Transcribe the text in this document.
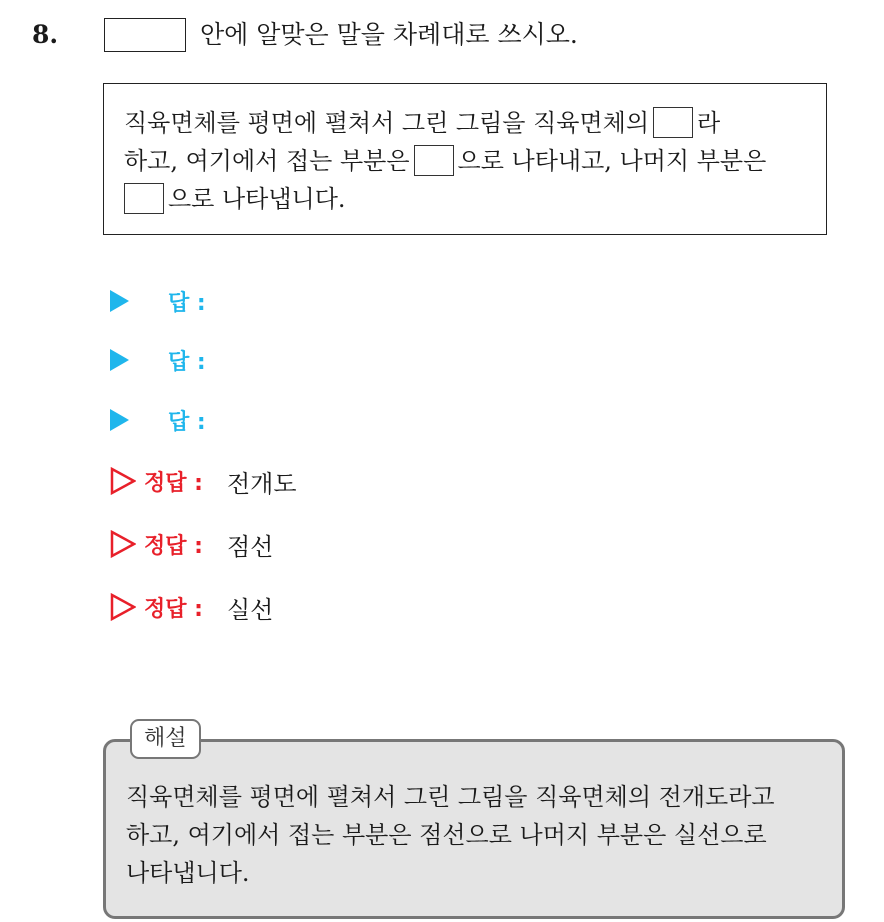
8.	안에 알맞은 말을 차례대로 쓰시오.
직육면체를 평면에 펼쳐서 그린 그림을 직육면체의 라
하고, 여기에서 접는 부분은 으로 나타내고, 나머지 부분은
으로 나타냅니다.
답 :
답 :
답 :
정답 : 전개도
정답 : 점선
정답 : 실선
해설
직육면체를 평면에 펼쳐서 그린 그림을 직육면체의 전개도라고
하고, 여기에서 접는 부분은 점선으로 나머지 부분은 실선으로
나타냅니다.
